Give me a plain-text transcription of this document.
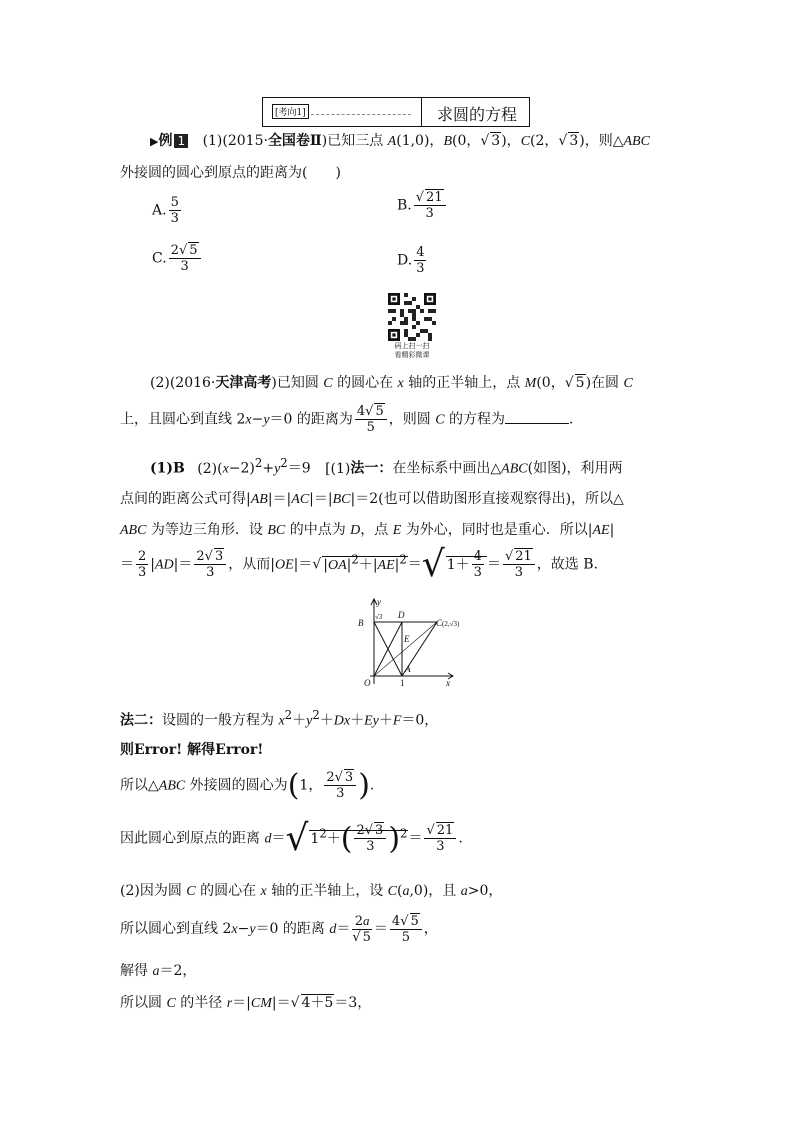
[考向1]	求圆的方程
▶例 1 (1)(2015·全国卷Ⅱ)已知三点 A(1,0)，B(0，√ 3)，C(2，√ 3)，则△ABC
外接圆的圆心到原点的距离为(　　)
A. $\frac{5}{3}$	B. $\frac{√ 21}{3}$
C. $\frac{2√ 5}{3}$	D. $\frac{4}{3}$
码上扫一扫
看精彩微课
(2)(2016·天津高考)已知圆 C 的圆心在 x 轴的正半轴上，点 M(0，√ 5)在圆 C
上，且圆心到直线 2x−y＝0 的距离为 $\frac{4√ 5}{5}$ ，则圆 C 的方程为	．
(1)B $(2)(x-2)^2+y^2=9$ [(1)法一：在坐标系中画出△ABC(如图)，利用两
点间的距离公式可得|AB|＝|AC|＝|BC|＝2(也可以借助图形直接观察得出)，所以△
ABC 为等边三角形．设 BC 的中点为 D，点 E 为外心，同时也是重心．所以|AE|
＝ $\frac{2}{3} |AD|= \frac{2√ 3}{3}$ ，从而|OE|＝√ $|OA|^2+|AE|^2=√$ $1+ \frac{4}{3} = \frac{√ 21}{3}$ ，故选 B.
y
√3
B
D
E
A
C(2,√3)
O	1	x
法二：设圆的一般方程为 $x^2+y^2+Dx+Ey+F=0$，
则Error! 解得Error!
所以△ABC 外接圆的圆心为(1， $\frac{2√ 3}{3}$ ).
因此圆心到原点的距离 d＝√ $1^2+( \frac{2√ 3}{3} )^2= \frac{√ 21}{3}$ .
(2)因为圆 C 的圆心在 x 轴的正半轴上，设 C(a,0)，且 a>0，
所以圆心到直线 2x−y＝0 的距离 $d= \frac{2a}{√ 5} = \frac{4√ 5}{5}$ ，
解得 a＝2，
所以圆 C 的半径 r＝|CM|＝√ 4＋5＝3，
